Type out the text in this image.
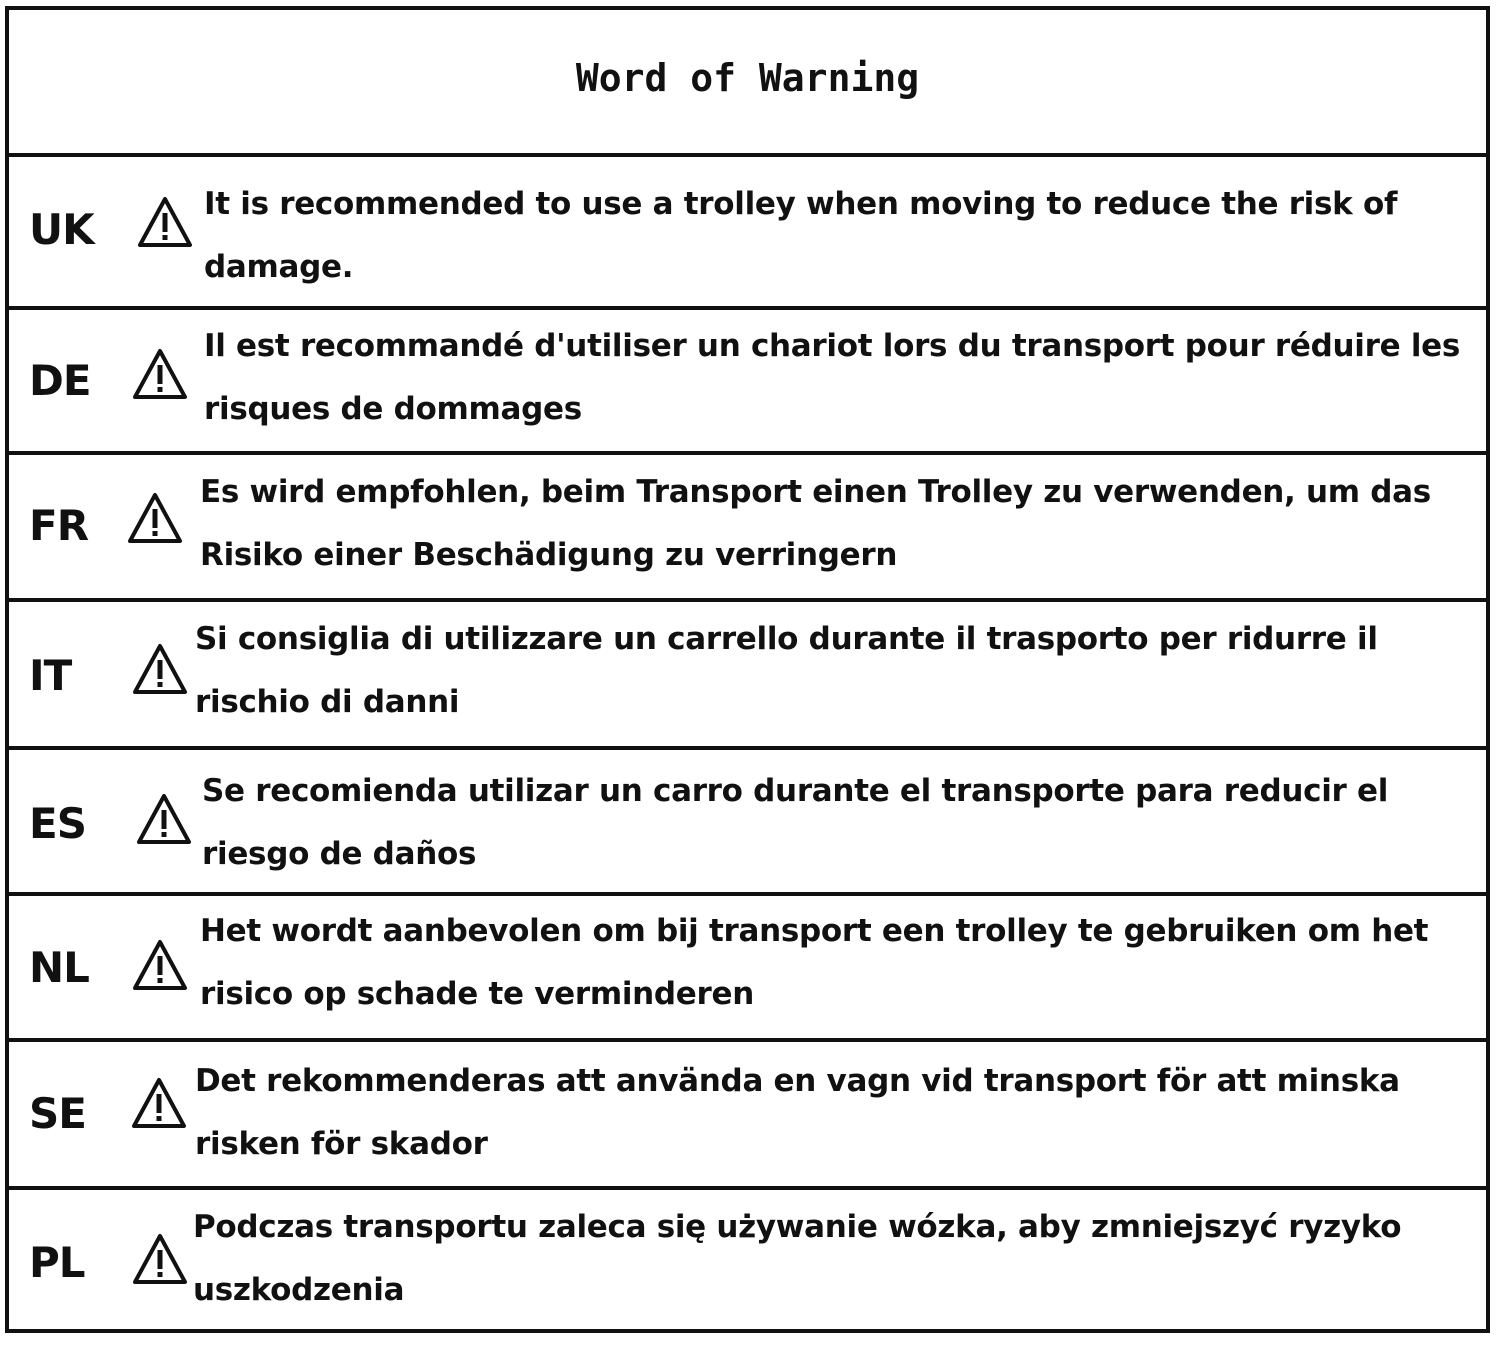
Word of Warning
UK
It is recommended to use a trolley when moving to reduce the risk of damage.
DE
Il est recommandé d'utiliser un chariot lors du transport pour réduire les risques de dommages
FR
Es wird empfohlen, beim Transport einen Trolley zu verwenden, um das Risiko einer Beschädigung zu verringern
IT
Si consiglia di utilizzare un carrello durante il trasporto per ridurre il rischio di danni
ES
Se recomienda utilizar un carro durante el transporte para reducir el riesgo de daños
NL
Het wordt aanbevolen om bij transport een trolley te gebruiken om het risico op schade te verminderen
SE
Det rekommenderas att använda en vagn vid transport för att minska risken för skador
PL
Podczas transportu zaleca się używanie wózka, aby zmniejszyć ryzyko uszkodzenia
